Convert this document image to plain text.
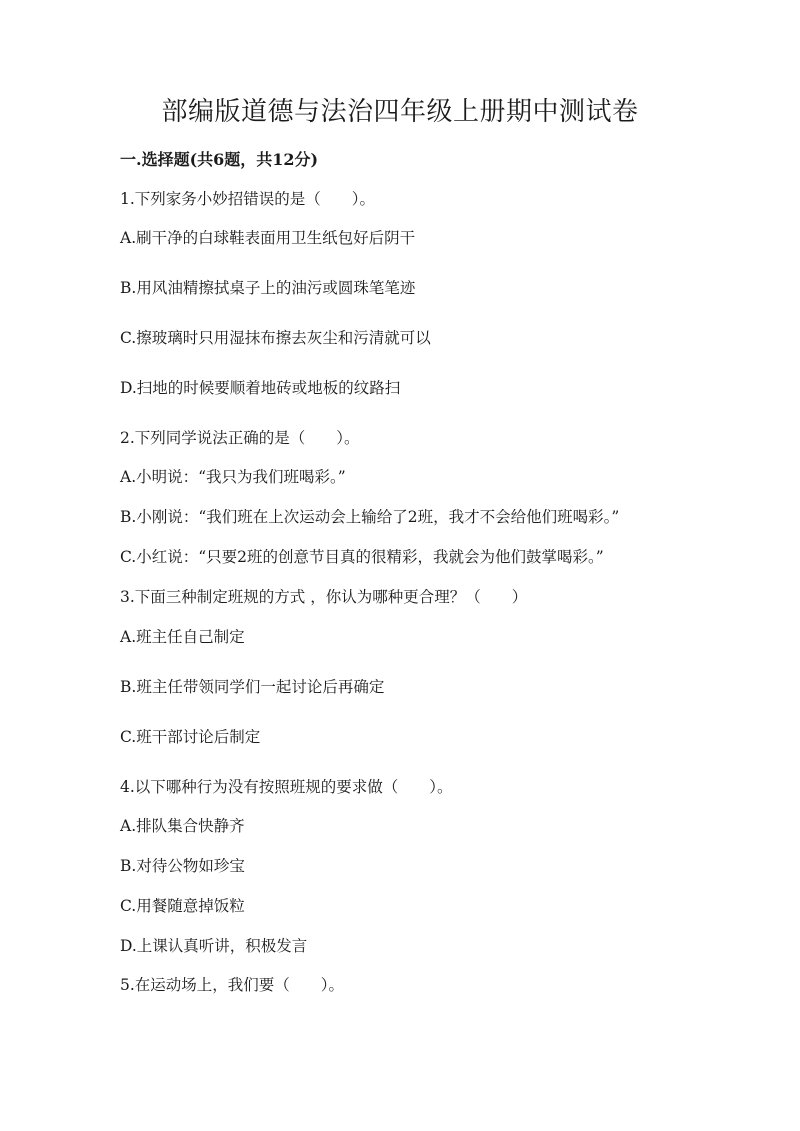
部编版道德与法治四年级上册期中测试卷
一.选择题(共6题，共12分)
1.下列家务小妙招错误的是（　　）。
A.刷干净的白球鞋表面用卫生纸包好后阴干
B.用风油精擦拭桌子上的油污或圆珠笔笔迹
C.擦玻璃时只用湿抹布擦去灰尘和污清就可以
D.扫地的时候要顺着地砖或地板的纹路扫
2.下列同学说法正确的是（　　）。
A.小明说：“我只为我们班喝彩。”
B.小刚说：“我们班在上次运动会上输给了2班，我才不会给他们班喝彩。”
C.小红说：“只要2班的创意节目真的很精彩，我就会为他们鼓掌喝彩。”
3.下面三种制定班规的方式 ，你认为哪种更合理？（　　）
A.班主任自己制定
B.班主任带领同学们一起讨论后再确定
C.班干部讨论后制定
4.以下哪种行为没有按照班规的要求做（　　）。
A.排队集合快静齐
B.对待公物如珍宝
C.用餐随意掉饭粒
D.上课认真听讲，积极发言
5.在运动场上，我们要（　　）。
